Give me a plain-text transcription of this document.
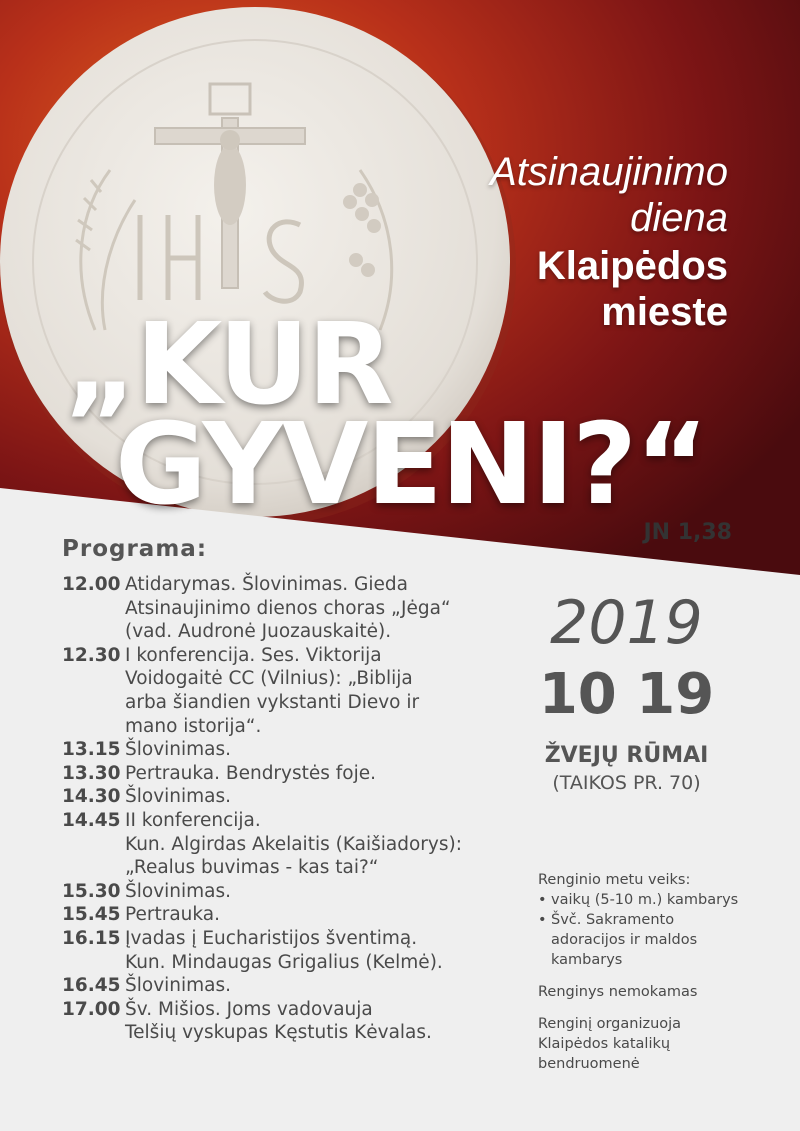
Atsinaujinimo
diena
Klaipėdos
mieste
„KUR
GYVENI?“
JN 1,38
Programa:
12.00 Atidarymas. Šlovinimas. Gieda
Atsinaujinimo dienos choras „Jėga“
(vad. Audronė Juozauskaitė).
12.30 I konferencija. Ses. Viktorija
Voidogaitė CC (Vilnius): „Biblija
arba šiandien vykstanti Dievo ir
mano istorija“.
13.15 Šlovinimas.
13.30 Pertrauka. Bendrystės foje.
14.30 Šlovinimas.
14.45 II konferencija.
Kun. Algirdas Akelaitis (Kaišiadorys):
„Realus buvimas - kas tai?“
15.30 Šlovinimas.
15.45 Pertrauka.
16.15 Įvadas į Eucharistijos šventimą.
Kun. Mindaugas Grigalius (Kelmė).
16.45 Šlovinimas.
17.00 Šv. Mišios. Joms vadovauja
Telšių vyskupas Kęstutis Kėvalas.
2019
10 19
ŽVEJŲ RŪMAI
(TAIKOS PR. 70)

Renginio metu veiks:

• vaikų (5-10 m.) kambarys
• Švč. Sakramento
adoracijos ir maldos
kambarys

Renginys nemokamas

Renginį organizuoja
Klaipėdos katalikų
bendruomenė
